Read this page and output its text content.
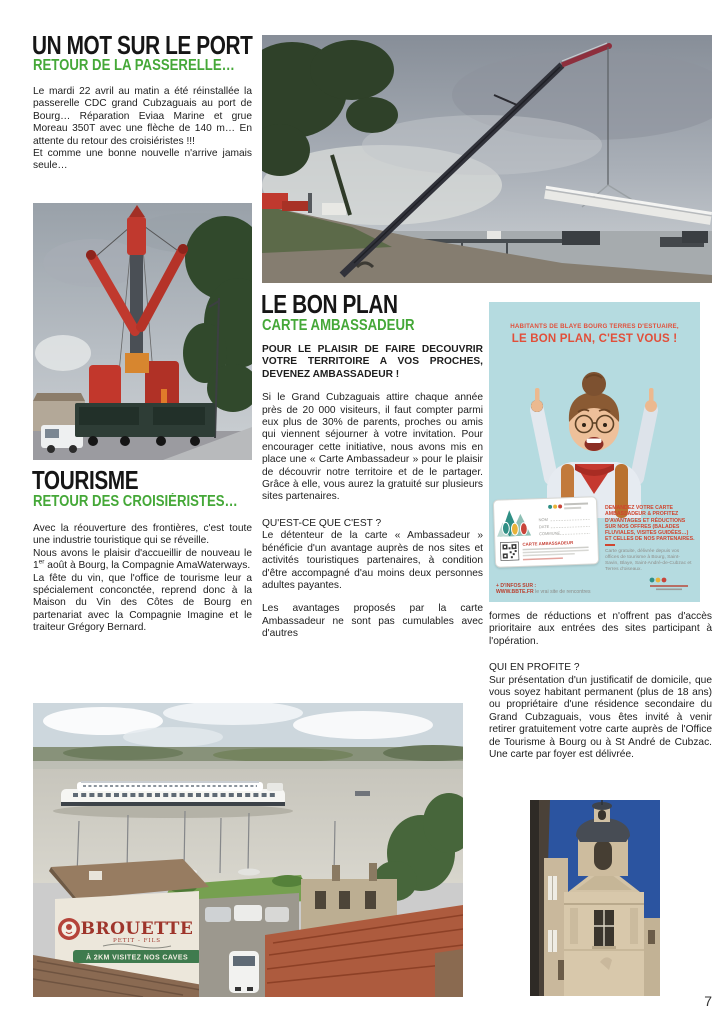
UN MOT SUR LE PORT
RETOUR DE LA PASSERELLE…

Le mardi 22 avril au matin a été réinstallée la passerelle CDC grand Cubzaguais au port de Bourg… Réparation Eviaa Marine et grue Moreau 350T avec une flèche de 140 m… En attente du retour des croisiéristes !!!

Et comme une bonne nouvelle n'arrive jamais seule…

TOURISME
RETOUR DES CROISIÉRISTES…

Avec la réouverture des frontières, c'est toute une industrie touristique qui se réveille.

Nous avons le plaisir d'accueillir de nouveau le 1er août à Bourg, la Compagnie AmaWaterways.

La fête du vin, que l'office de tourisme leur a spécialement conconctée, reprend donc à la Maison du Vin des Côtes de Bourg en partenariat avec la Compagnie Imagine et le traiteur Grégory Bernard.

LE BON PLAN
CARTE AMBASSADEUR

POUR LE PLAISIR DE FAIRE DECOUVRIR VOTRE TERRITOIRE A VOS PROCHES, DEVENEZ AMBASSADEUR !

Si le Grand Cubzaguais attire chaque année près de 20 000 visiteurs, il faut compter parmi eux plus de 30% de parents, proches ou amis qui viennent séjourner à votre invitation. Pour encourager cette initiative, nous avons mis en place une « Carte Ambassadeur » pour le plaisir de découvrir notre territoire et de le partager. Grâce à elle, vous aurez la gratuité sur plusieurs sites partenaires.

QU'EST-CE QUE C'EST ?

Le détenteur de la carte « Ambassadeur » bénéficie d'un avantage auprès de nos sites et activités touristiques partenaires, à condition d'être accompagné d'au moins deux personnes adultes payantes.

Les avantages proposés par la carte Ambassadeur ne sont pas cumulables avec d'autres

HABITANTS DE BLAYE BOURG TERRES D'ESTUAIRE,
LE BON PLAN, C'EST VOUS !
NOM
DATE
COMMUNE
CARTE AMBASSADEUR
DEMANDEZ VOTRE CARTE AMBASSADEUR & PROFITEZ D'AVANTAGES ET RÉDUCTIONS SUR NOS OFFRES (BALADES FLUVIALES, VISITES GUIDÉES…) ET CELLES DE NOS PARTENAIRES.
Carte gratuite, délivrée depuis vos offices de tourisme à Bourg, Saint-Savin, Blaye, Saint-André-de-Cubzac et Terres d'oiseaux.
+ D'INFOS SUR :
WWW.BBTE.FR le vrai site de rencontres

formes de réductions et n'offrent pas d'accès prioritaire aux entrées des sites participant à l'opération.

QUI EN PROFITE ?

Sur présentation d'un justificatif de domicile, que vous soyez habitant permanent (plus de 18 ans) ou propriétaire d'une résidence secondaire du Grand Cubzaguais, vous êtes invité à venir retirer gratuitement votre carte auprès de l'Office de Tourisme à Bourg ou à St André de Cubzac. Une carte par foyer est délivrée.

BROUETTE
PETIT - FILS
À 2KM VISITEZ NOS CAVES
7
